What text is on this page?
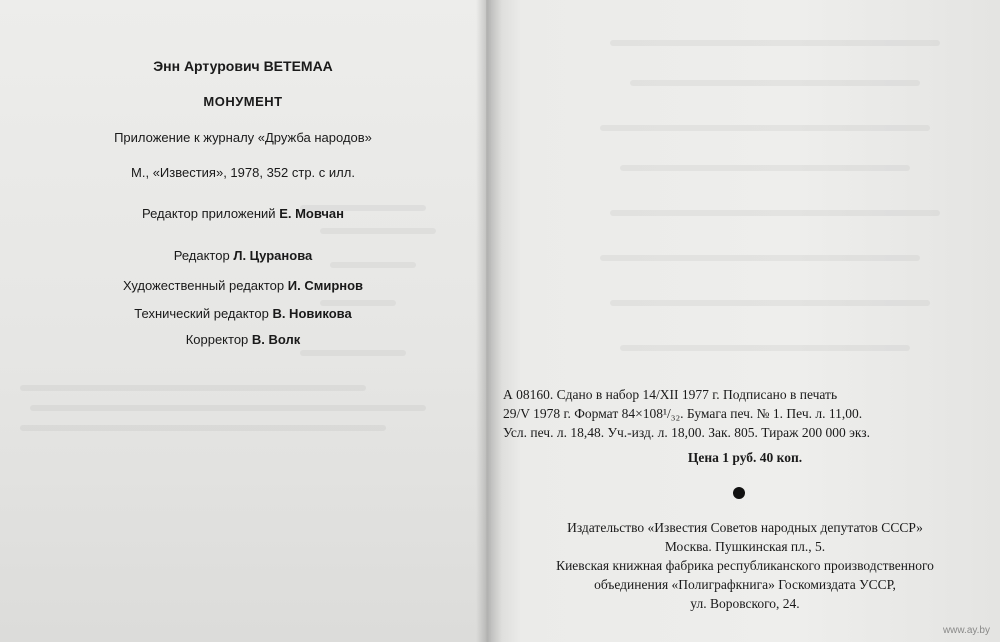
Энн Артурович ВЕТЕМАА
МОНУМЕНТ
Приложение к журналу «Дружба народов»
М., «Известия», 1978, 352 стр. с илл.
Редактор приложений Е. Мовчан
Редактор Л. Цуранова
Художественный редактор И. Смирнов
Технический редактор В. Новикова
Корректор В. Волк
А 08160. Сдано в набор 14/XII 1977 г. Подписано в печать
29/V 1978 г. Формат 84×108¹/₃₂. Бумага печ. № 1. Печ. л. 11,00.
Усл. печ. л. 18,48. Уч.-изд. л. 18,00. Зак. 805. Тираж 200 000 экз.
Цена 1 руб. 40 коп.
Издательство «Известия Советов народных депутатов СССР»
Москва. Пушкинская пл., 5.
Киевская книжная фабрика республиканского производственного
объединения «Полиграфкнига» Госкомиздата УССР,
ул. Воровского, 24.
www.ay.by
